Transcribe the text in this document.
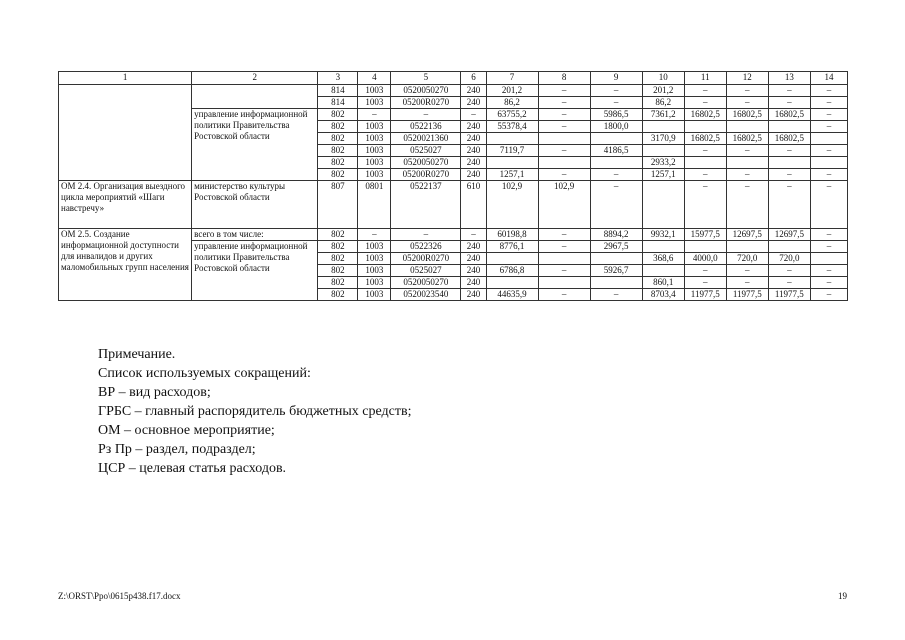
1	2	3	4	5	6	7	8	9	10	11	12	13	14
		814	1003	0520050270	240	201,2	–	–	201,2	–	–	–	–
		814	1003	05200R0270	240	86,2	–	–	86,2	–	–	–	–
	управление информационной политики Правительства Ростовской области	802	–	–	–	63755,2	–	5986,5	7361,2	16802,5	16802,5	16802,5	–
		802	1003	0522136	240	55378,4	–	1800,0					–
		802	1003	0520021360	240				3170,9	16802,5	16802,5	16802,5	
		802	1003	0525027	240	7119,7	–	4186,5		–	–	–	–
		802	1003	0520050270	240				2933,2				
		802	1003	05200R0270	240	1257,1	–	–	1257,1	–	–	–	–
ОМ 2.4. Организация выездного цикла мероприятий «Шаги навстречу»	министерство культуры Ростовской области	807	0801	0522137	610	102,9	102,9	–		–	–	–	–
ОМ 2.5. Создание информационной доступности для инвалидов и других маломобильных групп населения	всего в том числе:	802	–	–	–	60198,8	–	8894,2	9932,1	15977,5	12697,5	12697,5	–
	управление информационной политики Правительства Ростовской области	802	1003	0522326	240	8776,1	–	2967,5					–
		802	1003	05200R0270	240				368,6	4000,0	720,0	720,0	
		802	1003	0525027	240	6786,8	–	5926,7		–	–	–	–
		802	1003	0520050270	240				860,1	–	–	–	–
		802	1003	0520023540	240	44635,9	–	–	8703,4	11977,5	11977,5	11977,5	–
Примечание.
Список используемых сокращений:
ВР – вид расходов;
ГРБС – главный распорядитель бюджетных средств;
ОМ – основное мероприятие;
Рз Пр – раздел, подраздел;
ЦСР – целевая статья расходов.
Z:\ORST\Ppo\0615p438.f17.docx	19
